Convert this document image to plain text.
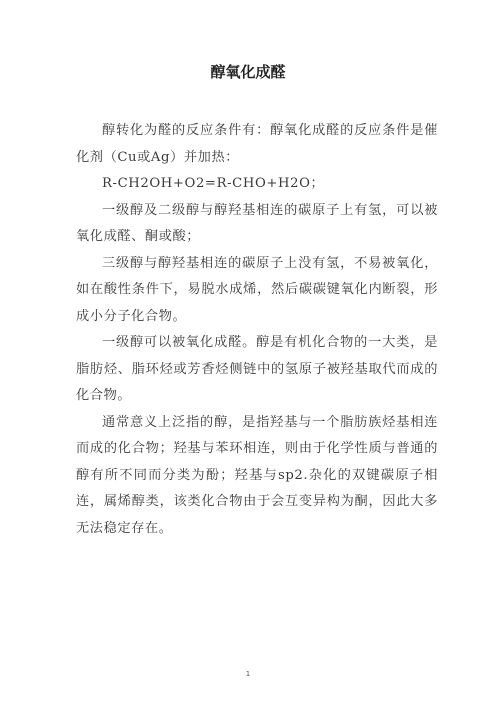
醇氧化成醛

醇转化为醛的反应条件有：醇氧化成醛的反应条件是催化剂（Cu或Ag）并加热：

R-CH2OH+O2=R-CHO+H2O；

一级醇及二级醇与醇羟基相连的碳原子上有氢，可以被氧化成醛、酮或酸；

三级醇与醇羟基相连的碳原子上没有氢，不易被氧化，如在酸性条件下，易脱水成烯，然后碳碳键氧化内断裂，形成小分子化合物。

一级醇可以被氧化成醛。醇是有机化合物的一大类，是脂肪烃、脂环烃或芳香烃侧链中的氢原子被羟基取代而成的化合物。

通常意义上泛指的醇，是指羟基与一个脂肪族烃基相连而成的化合物；羟基与苯环相连，则由于化学性质与普通的醇有所不同而分类为酚；羟基与sp2.杂化的双键碳原子相连，属烯醇类，该类化合物由于会互变异构为酮，因此大多无法稳定存在。

1
